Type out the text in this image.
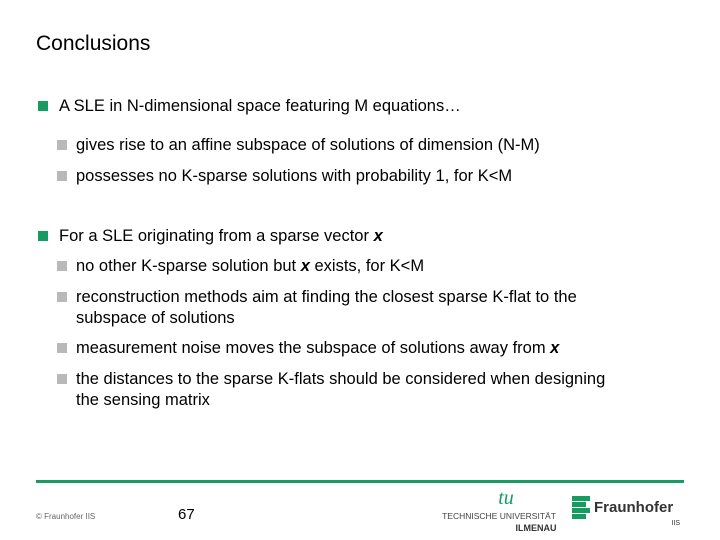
Conclusions
A SLE in N-dimensional space featuring M equations…
gives rise to an affine subspace of solutions of dimension (N-M)
possesses no K-sparse solutions with probability 1, for K<M
For a SLE originating from a sparse vector x
no other K-sparse solution but x exists, for K<M
reconstruction methods aim at finding the closest sparse K-flat to the
subspace of solutions
measurement noise moves the subspace of solutions away from x
the distances to the sparse K-flats should be considered when designing
the sensing matrix
© Fraunhofer IIS	67
tu
TECHNISCHE UNIVERSITÄT
ILMENAU
Fraunhofer
IIS
